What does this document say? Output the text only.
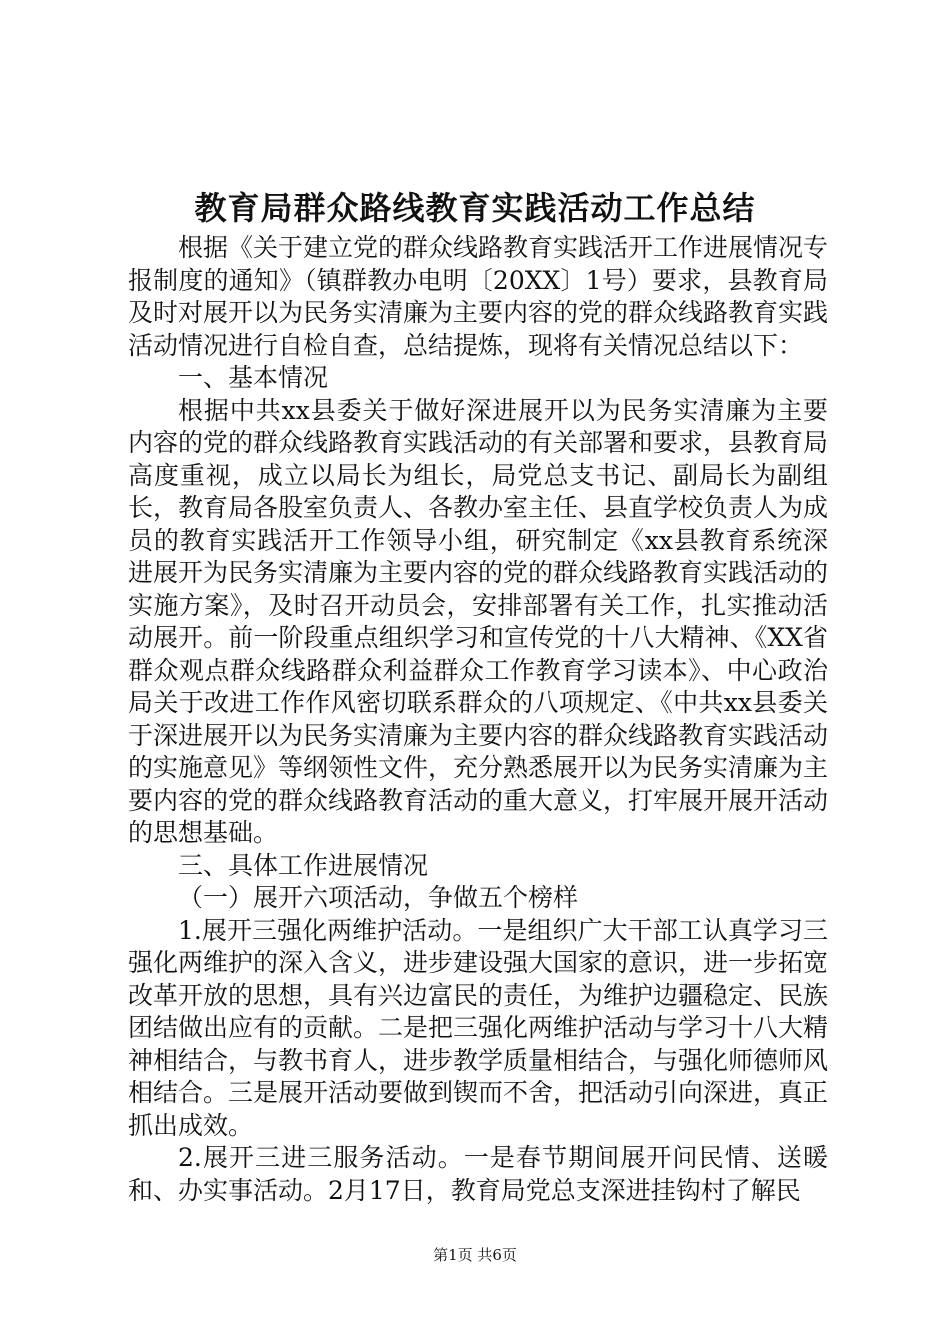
教育局群众路线教育实践活动工作总结

根据《关于建立党的群众线路教育实践活开工作进展情况专报制度的通知》（镇群教办电明〔20XX〕1号）要求，县教育局及时对展开以为民务实清廉为主要内容的党的群众线路教育实践活动情况进行自检自查，总结提炼，现将有关情况总结以下：

一、基本情况

根据中共xx县委关于做好深进展开以为民务实清廉为主要内容的党的群众线路教育实践活动的有关部署和要求，县教育局高度重视，成立以局长为组长，局党总支书记、副局长为副组长，教育局各股室负责人、各教办室主任、县直学校负责人为成员的教育实践活开工作领导小组，研究制定《xx县教育系统深进展开为民务实清廉为主要内容的党的群众线路教育实践活动的实施方案》，及时召开动员会，安排部署有关工作，扎实推动活动展开。前一阶段重点组织学习和宣传党的十八大精神、《XX省群众观点群众线路群众利益群众工作教育学习读本》、中心政治局关于改进工作作风密切联系群众的八项规定、《中共xx县委关于深进展开以为民务实清廉为主要内容的群众线路教育实践活动的实施意见》等纲领性文件，充分熟悉展开以为民务实清廉为主要内容的党的群众线路教育活动的重大意义，打牢展开展开活动的思想基础。

三、具体工作进展情况

（一）展开六项活动，争做五个榜样

1.展开三强化两维护活动。一是组织广大干部工认真学习三强化两维护的深入含义，进步建设强大国家的意识，进一步拓宽改革开放的思想，具有兴边富民的责任，为维护边疆稳定、民族团结做出应有的贡献。二是把三强化两维护活动与学习十八大精神相结合，与教书育人，进步教学质量相结合，与强化师德师风相结合。三是展开活动要做到锲而不舍，把活动引向深进，真正抓出成效。

2.展开三进三服务活动。一是春节期间展开问民情、送暖和、办实事活动。2月17日，教育局党总支深进挂钩村了解民

第1页 共6页
